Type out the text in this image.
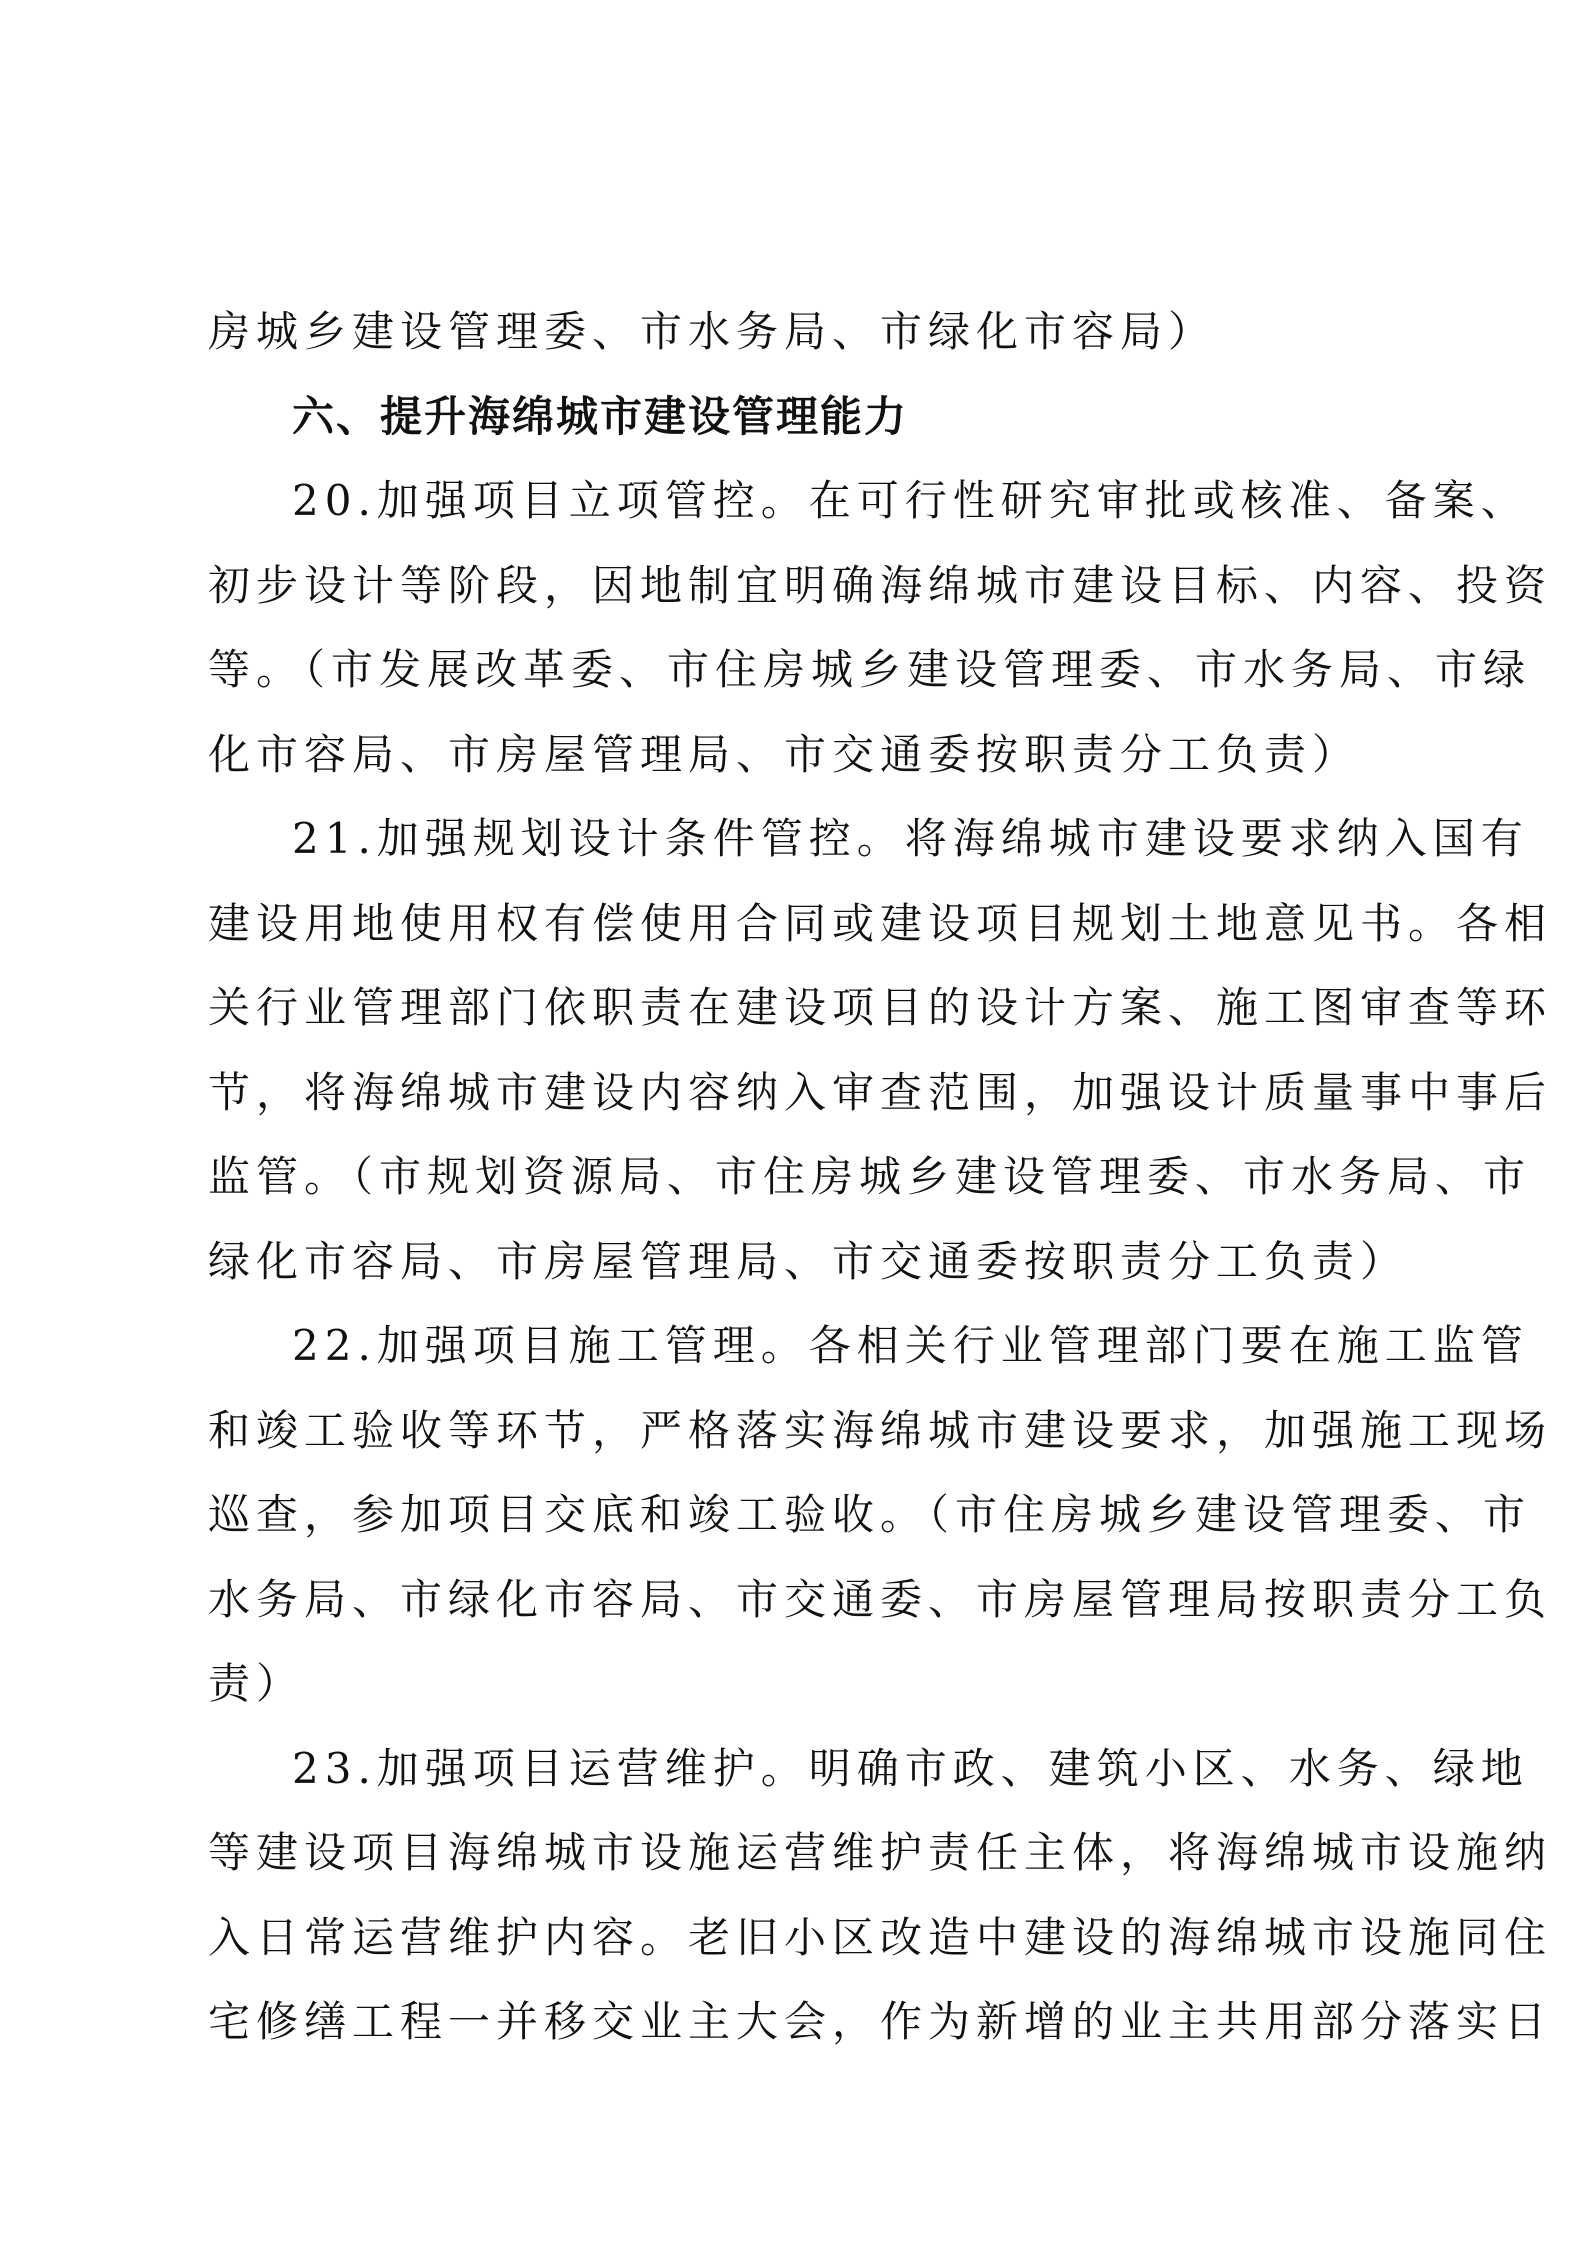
房城乡建设管理委、市水务局、市绿化市容局）
六、提升海绵城市建设管理能力
20.加强项目立项管控。在可行性研究审批或核准、备案、
初步设计等阶段，因地制宜明确海绵城市建设目标、内容、投资
等。（市发展改革委、市住房城乡建设管理委、市水务局、市绿
化市容局、市房屋管理局、市交通委按职责分工负责）
21.加强规划设计条件管控。将海绵城市建设要求纳入国有
建设用地使用权有偿使用合同或建设项目规划土地意见书。各相
关行业管理部门依职责在建设项目的设计方案、施工图审查等环
节，将海绵城市建设内容纳入审查范围，加强设计质量事中事后
监管。（市规划资源局、市住房城乡建设管理委、市水务局、市
绿化市容局、市房屋管理局、市交通委按职责分工负责）
22.加强项目施工管理。各相关行业管理部门要在施工监管
和竣工验收等环节，严格落实海绵城市建设要求，加强施工现场
巡查，参加项目交底和竣工验收。（市住房城乡建设管理委、市
水务局、市绿化市容局、市交通委、市房屋管理局按职责分工负
责）
23.加强项目运营维护。明确市政、建筑小区、水务、绿地
等建设项目海绵城市设施运营维护责任主体，将海绵城市设施纳
入日常运营维护内容。老旧小区改造中建设的海绵城市设施同住
宅修缮工程一并移交业主大会，作为新增的业主共用部分落实日
